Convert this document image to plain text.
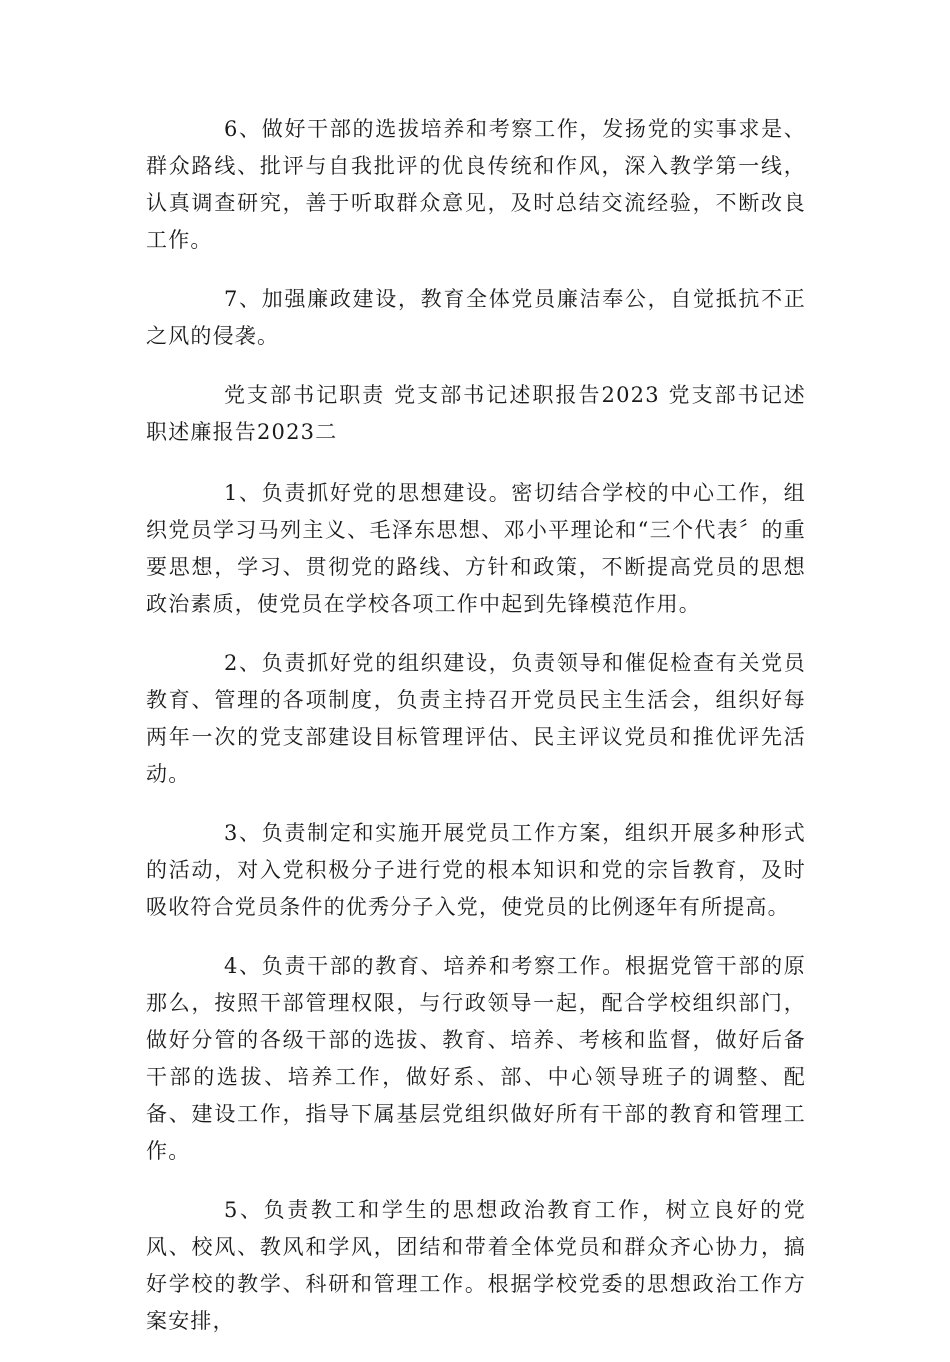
6、做好干部的选拔培养和考察工作，发扬党的实事求是、群众路线、批评与自我批评的优良传统和作风，深入教学第一线，认真调查研究，善于听取群众意见，及时总结交流经验，不断改良工作。

7、加强廉政建设，教育全体党员廉洁奉公，自觉抵抗不正之风的侵袭。

党支部书记职责 党支部书记述职报告2023 党支部书记述职述廉报告2023二

1、负责抓好党的思想建设。密切结合学校的中心工作，组织党员学习马列主义、毛泽东思想、邓小平理论和“三个代表〞的重要思想，学习、贯彻党的路线、方针和政策，不断提高党员的思想政治素质，使党员在学校各项工作中起到先锋模范作用。

2、负责抓好党的组织建设，负责领导和催促检查有关党员教育、管理的各项制度，负责主持召开党员民主生活会，组织好每两年一次的党支部建设目标管理评估、民主评议党员和推优评先活动。

3、负责制定和实施开展党员工作方案，组织开展多种形式的活动，对入党积极分子进行党的根本知识和党的宗旨教育，及时吸收符合党员条件的优秀分子入党，使党员的比例逐年有所提高。

4、负责干部的教育、培养和考察工作。根据党管干部的原那么，按照干部管理权限，与行政领导一起，配合学校组织部门，做好分管的各级干部的选拔、教育、培养、考核和监督，做好后备干部的选拔、培养工作，做好系、部、中心领导班子的调整、配备、建设工作，指导下属基层党组织做好所有干部的教育和管理工作。

5、负责教工和学生的思想政治教育工作，树立良好的党风、校风、教风和学风，团结和带着全体党员和群众齐心协力，搞好学校的教学、科研和管理工作。根据学校党委的思想政治工作方案安排，
